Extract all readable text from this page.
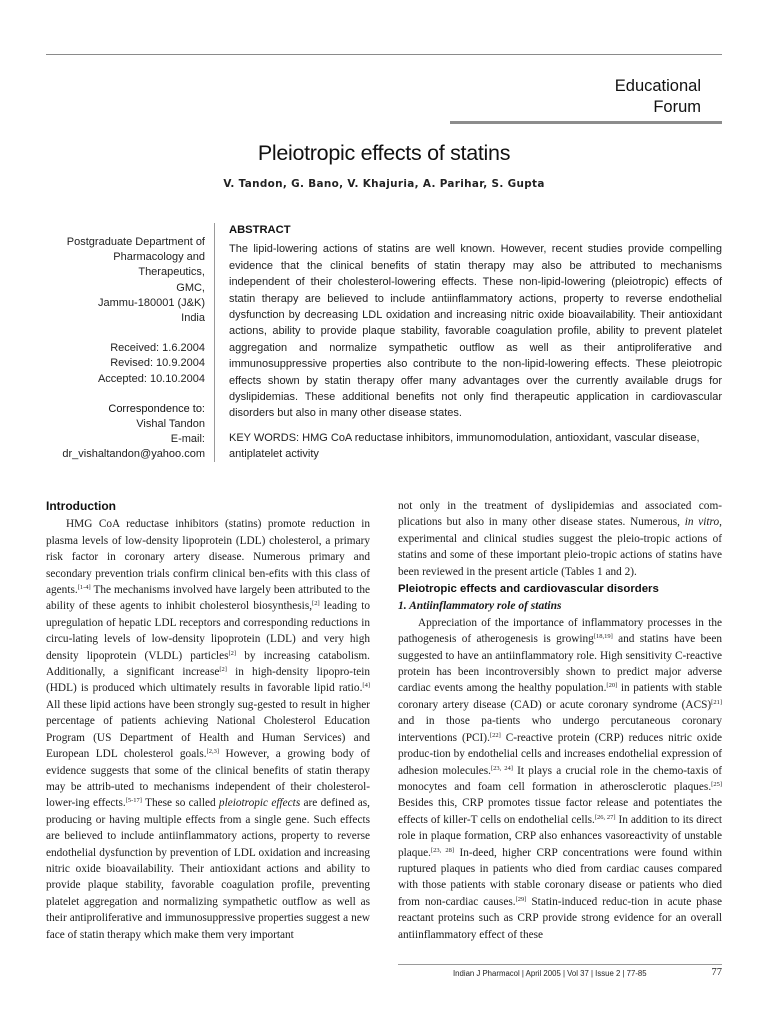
Educational
Forum
Pleiotropic effects of statins
V. Tandon, G. Bano, V. Khajuria, A. Parihar, S. Gupta
Postgraduate Department of
Pharmacology and
Therapeutics,
GMC,
Jammu-180001 (J&K)
India
Received: 1.6.2004
Revised: 10.9.2004
Accepted: 10.10.2004
Correspondence to:
Vishal Tandon
E-mail:
dr_vishaltandon@yahoo.com
ABSTRACT
The lipid-lowering actions of statins are well known. However, recent studies provide compelling evidence that the clinical benefits of statin therapy may also be attributed to mechanisms independent of their cholesterol-lowering effects. These non-lipid-lowering (pleiotropic) effects of statin therapy are believed to include antiinflammatory actions, property to reverse endothelial dysfunction by decreasing LDL oxidation and increasing nitric oxide bioavailability. Their antioxidant actions, ability to provide plaque stability, favorable coagulation profile, ability to prevent platelet aggregation and normalize sympathetic outflow as well as their antiproliferative and immunosuppressive properties also contribute to the non-lipid-lowering effects. These pleiotropic effects shown by statin therapy offer many advantages over the currently available drugs for dyslipidemias. These additional benefits not only find therapeutic application in cardiovascular disorders but also in many other disease states.
KEY WORDS: HMG CoA reductase inhibitors, immunomodulation, antioxidant, vascular disease, antiplatelet activity
Introduction

HMG CoA reductase inhibitors (statins) promote reduction in plasma levels of low-density lipoprotein (LDL) cholesterol, a primary risk factor in coronary artery disease. Numerous primary and secondary prevention trials confirm clinical ben-efits with this class of agents.[1-4] The mechanisms involved have largely been attributed to the ability of these agents to inhibit cholesterol biosynthesis,[2] leading to upregulation of hepatic LDL receptors and corresponding reductions in circu-lating levels of low-density lipoprotein (LDL) and very high density lipoprotein (VLDL) particles[2] by increasing catabolism. Additionally, a significant increase[2] in high-density lipopro-tein (HDL) is produced which ultimately results in favorable lipid ratio.[4] All these lipid actions have been strongly sug-gested to result in higher percentage of patients achieving National Cholesterol Education Program (US Department of Health and Human Services) and European LDL cholesterol goals.[2,3] However, a growing body of evidence suggests that some of the clinical benefits of statin therapy may be attrib-uted to mechanisms independent of their cholesterol-lower-ing effects.[5-17] These so called pleiotropic effects are defined as, producing or having multiple effects from a single gene. Such effects are believed to include antiinflammatory actions, property to reverse endothelial dysfunction by prevention of LDL oxidation and increasing nitric oxide bioavailability. Their antioxidant actions and ability to provide plaque stability, favorable coagulation profile, preventing platelet aggregation and normalizing sympathetic outflow as well as their antiproliferative and immunosuppressive properties suggest a new face of statin therapy which make them very important

not only in the treatment of dyslipidemias and associated com-plications but also in many other disease states. Numerous, in vitro, experimental and clinical studies suggest the pleio-tropic actions of statins and some of these important pleio-tropic actions of statins have been reviewed in the present article (Tables 1 and 2).

Pleiotropic effects and cardiovascular disorders
1. Antiinflammatory role of statins

Appreciation of the importance of inflammatory processes in the pathogenesis of atherogenesis is growing[18,19] and statins have been suggested to have an antiinflammatory role. High sensitivity C-reactive protein has been incontroversibly shown to predict major adverse cardiac events among the healthy population.[20] in patients with stable coronary artery disease (CAD) or acute coronary syndrome (ACS)[21] and in those pa-tients who undergo percutaneous coronary interventions (PCI).[22] C-reactive protein (CRP) reduces nitric oxide produc-tion by endothelial cells and increases endothelial expression of adhesion molecules.[23, 24] It plays a crucial role in the chemo-taxis of monocytes and foam cell formation in atherosclerotic plaques.[25] Besides this, CRP promotes tissue factor release and potentiates the effects of killer-T cells on endothelial cells.[26, 27] In addition to its direct role in plaque formation, CRP also enhances vasoreactivity of unstable plaque.[23, 28] In-deed, higher CRP concentrations were found within ruptured plaques in patients who died from cardiac causes compared with those patients with stable coronary disease or patients who died from non-cardiac causes.[29] Statin-induced reduc-tion in acute phase reactant proteins such as CRP provide strong evidence for an overall antiinflammatory effect of these

Indian J Pharmacol | April 2005 | Vol 37 | Issue 2 | 77-85	77
